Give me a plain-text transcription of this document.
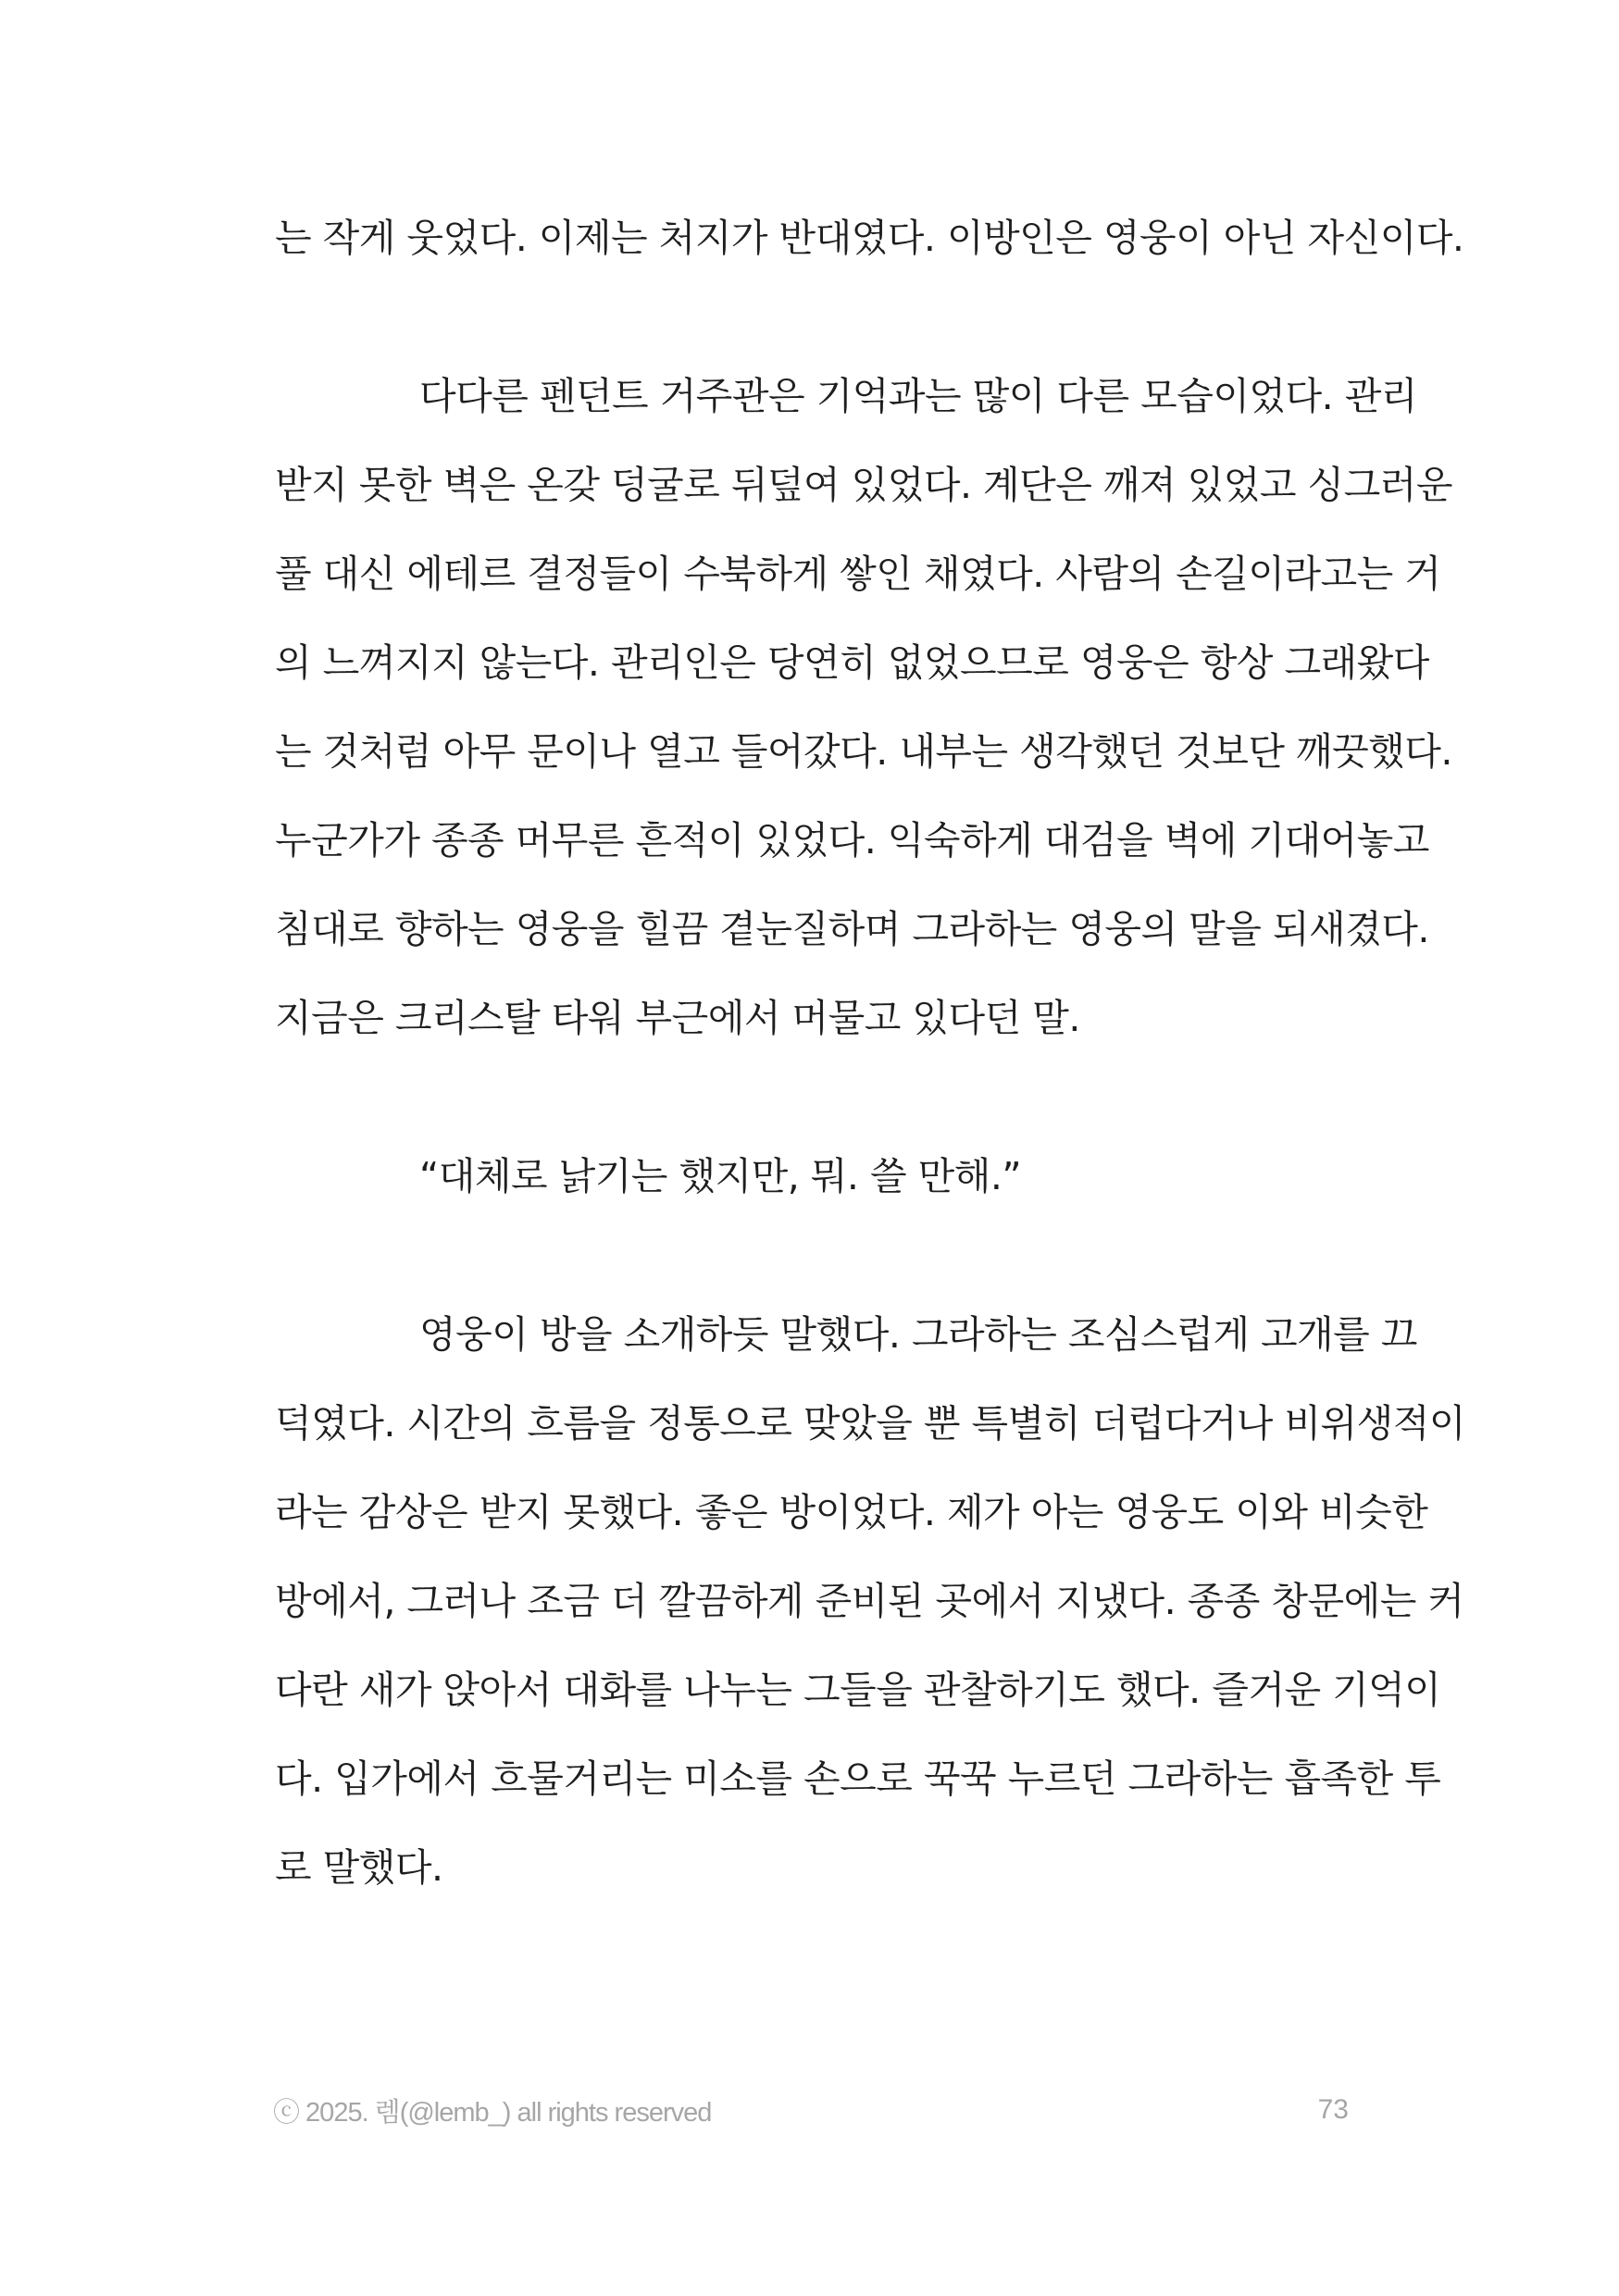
는 작게 웃었다. 이제는 처지가 반대였다. 이방인은 영웅이 아닌 자신이다.
다다른 펜던트 거주관은 기억과는 많이 다른 모습이었다. 관리
받지 못한 벽은 온갖 덩굴로 뒤덮여 있었다. 계단은 깨져 있었고 싱그러운
풀 대신 에테르 결정들이 수북하게 쌓인 채였다. 사람의 손길이라고는 거
의 느껴지지 않는다. 관리인은 당연히 없었으므로 영웅은 항상 그래왔다
는 것처럼 아무 문이나 열고 들어갔다. 내부는 생각했던 것보단 깨끗했다.
누군가가 종종 머무른 흔적이 있었다. 익숙하게 대검을 벽에 기대어놓고
침대로 향하는 영웅을 힐끔 곁눈질하며 그라하는 영웅의 말을 되새겼다.
지금은 크리스탈 타워 부근에서 머물고 있다던 말.
“대체로 낡기는 했지만, 뭐. 쓸 만해.”
영웅이 방을 소개하듯 말했다. 그라하는 조심스럽게 고개를 끄
덕였다. 시간의 흐름을 정통으로 맞았을 뿐 특별히 더럽다거나 비위생적이
라는 감상은 받지 못했다. 좋은 방이었다. 제가 아는 영웅도 이와 비슷한
방에서, 그러나 조금 더 깔끔하게 준비된 곳에서 지냈다. 종종 창문에는 커
다란 새가 앉아서 대화를 나누는 그들을 관찰하기도 했다. 즐거운 기억이
다. 입가에서 흐물거리는 미소를 손으로 꾹꾹 누르던 그라하는 흡족한 투
로 말했다.
ⓒ 2025. 렘(@lemb_) all rights reserved	73
